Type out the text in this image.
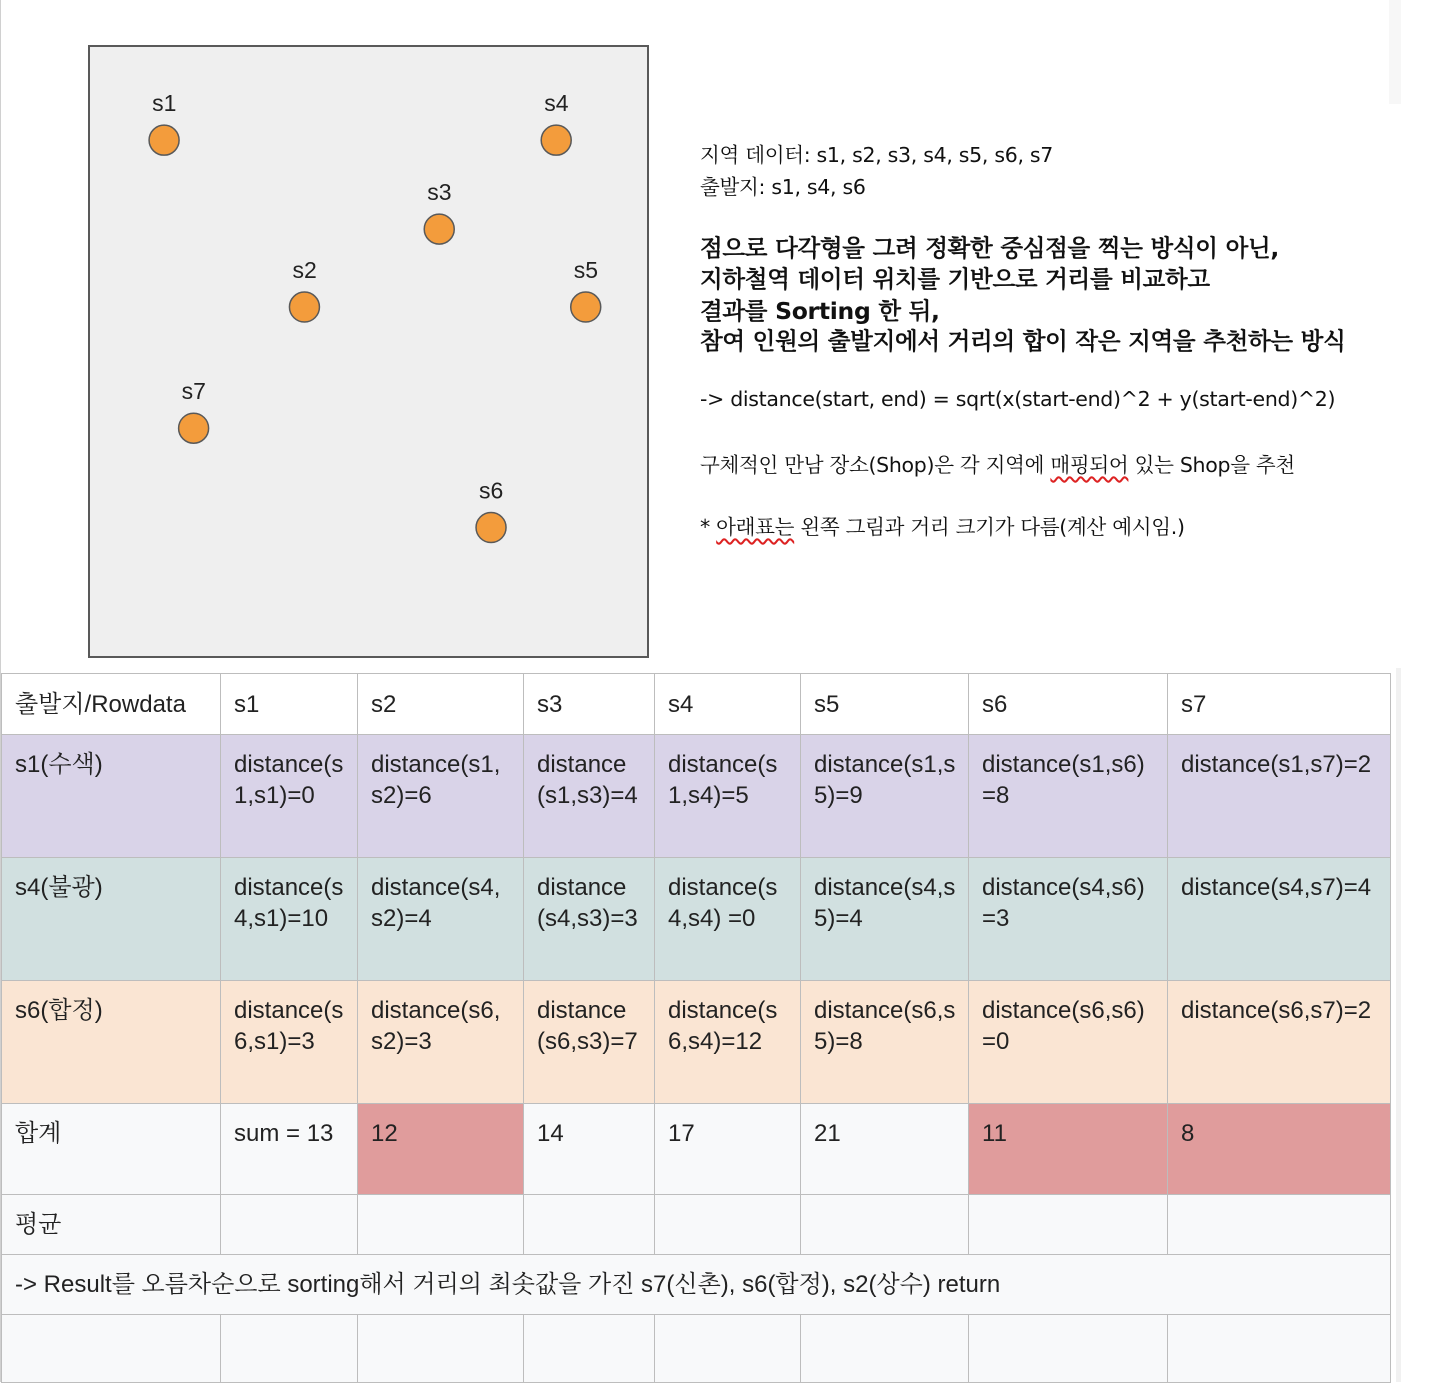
s1	s4
s3
s2	s5
s7
s6
지역 데이터: s1, s2, s3, s4, s5, s6, s7
출발지: s1, s4, s6
점으로 다각형을 그려 정확한 중심점을 찍는 방식이 아닌,
지하철역 데이터 위치를 기반으로 거리를 비교하고
결과를 Sorting 한 뒤,
참여 인원의 출발지에서 거리의 합이 작은 지역을 추천하는 방식
-> distance(start, end) = sqrt(x(start-end)^2 + y(start-end)^2)
구체적인 만남 장소(Shop)은 각 지역에 매핑되어 있는 Shop을 추천
* 아래표는 왼쪽 그림과 거리 크기가 다름(계산 예시임.)
출발지/Rowdata	s1	s2	s3	s4	s5	s6	s7
s1(수색)	distance(s1,s1)=0	distance(s1,s2)=6	distance(s1,s3)=4	distance(s1,s4)=5	distance(s1,s5)=9	distance(s1,s6)=8	distance(s1,s7)=2
s4(불광)	distance(s4,s1)=10	distance(s4,s2)=4	distance(s4,s3)=3	distance(s4,s4) =0	distance(s4,s5)=4	distance(s4,s6)=3	distance(s4,s7)=4
s6(합정)	distance(s6,s1)=3	distance(s6,s2)=3	distance(s6,s3)=7	distance(s6,s4)=12	distance(s6,s5)=8	distance(s6,s6)=0	distance(s6,s7)=2
합계	sum = 13	12	14	17	21	11	8
평균							
-> Result를 오름차순으로 sorting해서 거리의 최솟값을 가진 s7(신촌), s6(합정), s2(상수) return							
